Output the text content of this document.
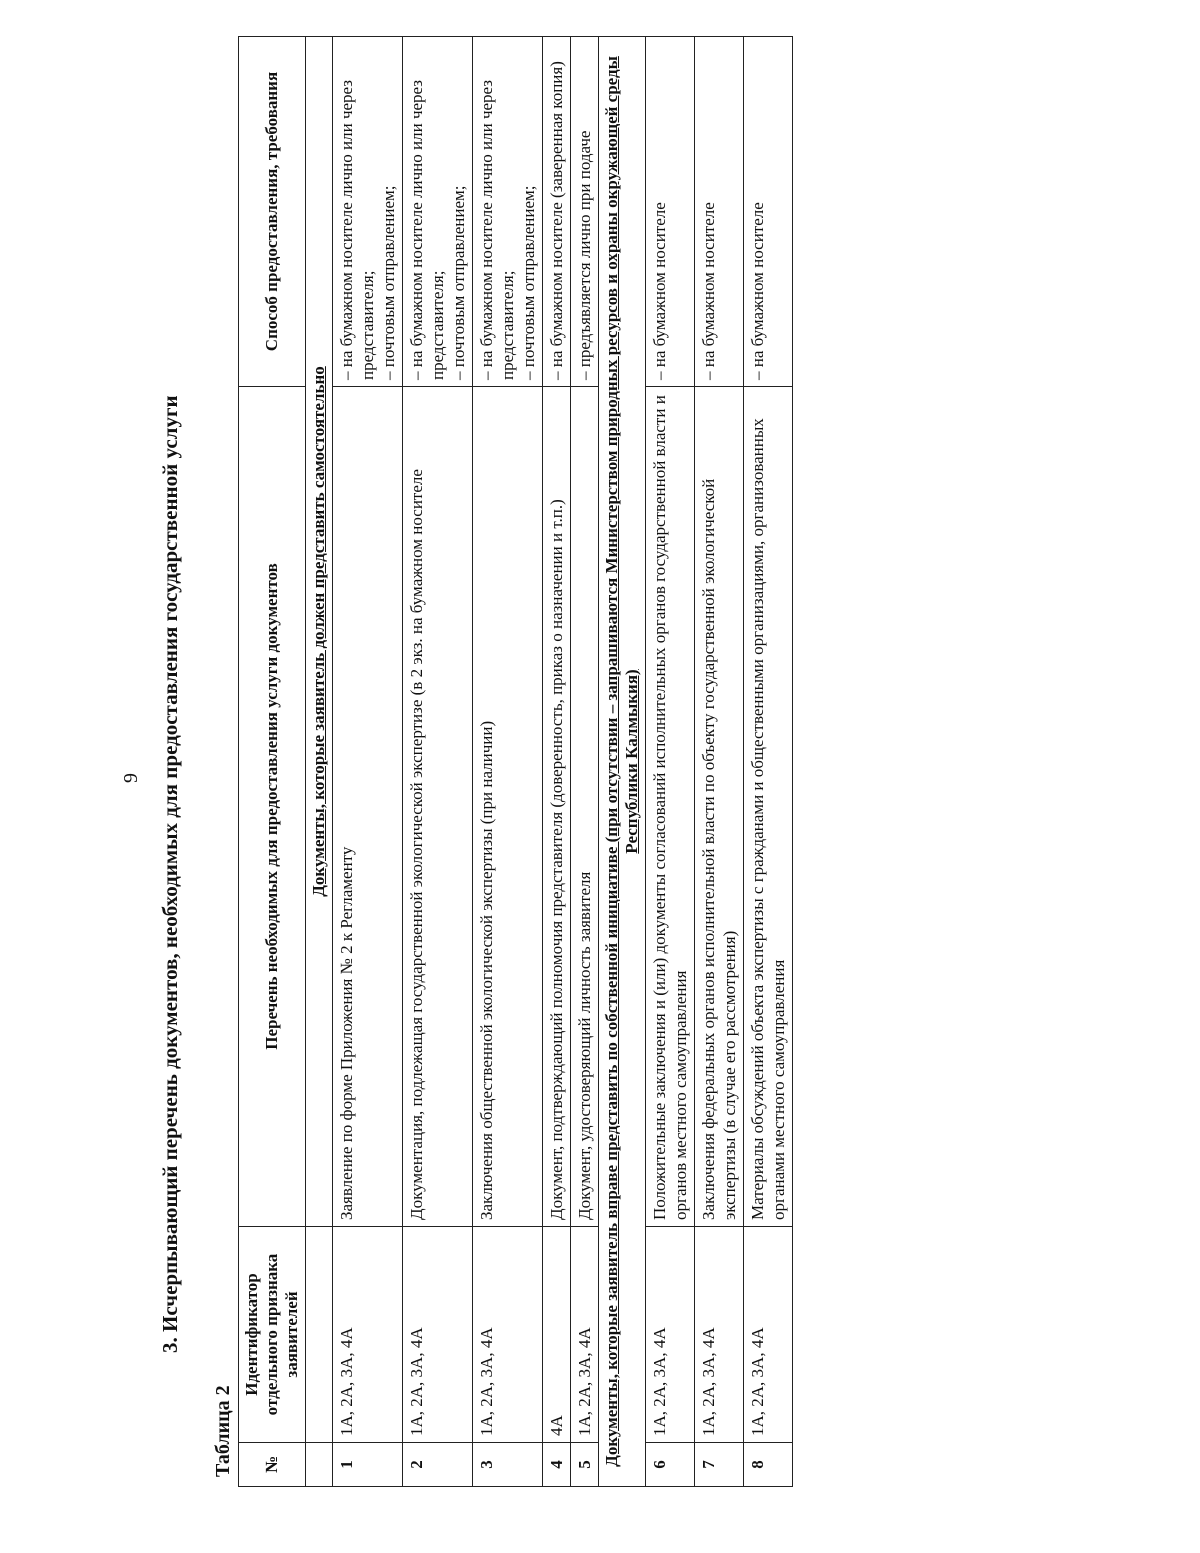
9 3. Исчерпывающий перечень документов, необходимых для предоставления государственной услуги
Таблица 2 №	Идентификатор отдельного признака заявителей	Перечень необходимых для предоставления услуги документов	Способ предоставления, требования
		Документы, которые заявитель должен представить самостоятельно	
1	1А, 2А, 3А, 4А	Заявление по форме Приложения № 2 к Регламенту	– на бумажном носителе лично или через представителя; – почтовым отправлением;

2	1А, 2А, 3А, 4А	Документация, подлежащая государственной экологической экспертизе (в 2 экз. на бумажном носителе	– на бумажном носителе лично или через представителя; – почтовым отправлением;

3	1А, 2А, 3А, 4А	Заключения общественной экологической экспертизы (при наличии)	– на бумажном носителе лично или через представителя; – почтовым отправлением;

4	4А	Документ, подтверждающий полномочия представителя (доверенность, приказ о назначении и т.п.)	– на бумажном носителе (заверенная копия)

5	1А, 2А, 3А, 4А	Документ, удостоверяющий личность заявителя	– предъявляется лично при подаче

Документы, которые заявитель вправе представить по собственной инициативе (при отсутствии – запрашиваются Министерством природных ресурсов и охраны окружающей среды Республики Калмыкия)			
6	1А, 2А, 3А, 4А	Положительные заключения и (или) документы согласований исполнительных органов государственной власти и органов местного самоуправления	– на бумажном носителе

7	1А, 2А, 3А, 4А	Заключения федеральных органов исполнительной власти по объекту государственной экологической экспертизы (в случае его рассмотрения)	– на бумажном носителе

8	1А, 2А, 3А, 4А	Материалы обсуждений объекта экспертизы с гражданами и общественными организациями, организованных органами местного самоуправления	– на бумажном носителе
